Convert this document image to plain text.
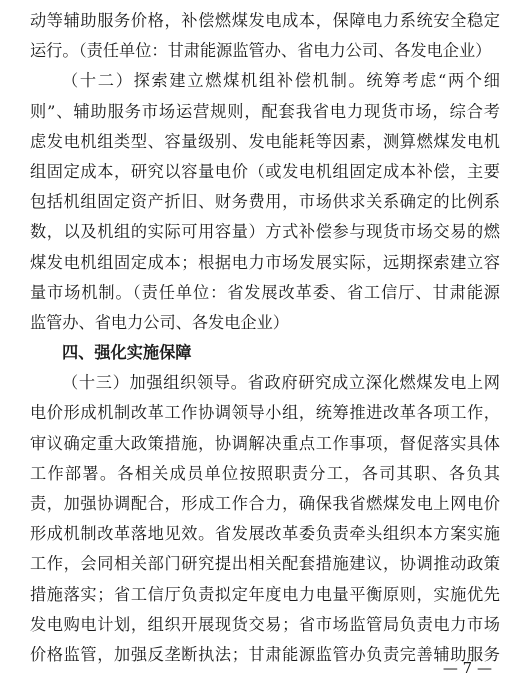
动等辅助服务价格，补偿燃煤发电成本，保障电力系统安全稳定
运行。（责任单位：甘肃能源监管办、省电力公司、各发电企业）
（十二）探索建立燃煤机组补偿机制。统筹考虑“两个细
则”、辅助服务市场运营规则，配套我省电力现货市场，综合考
虑发电机组类型、容量级别、发电能耗等因素，测算燃煤发电机
组固定成本，研究以容量电价（或发电机组固定成本补偿，主要
包括机组固定资产折旧、财务费用，市场供求关系确定的比例系
数，以及机组的实际可用容量）方式补偿参与现货市场交易的燃
煤发电机组固定成本；根据电力市场发展实际，远期探索建立容
量市场机制。（责任单位：省发展改革委、省工信厅、甘肃能源
监管办、省电力公司、各发电企业）
四、强化实施保障
（十三）加强组织领导。省政府研究成立深化燃煤发电上网
电价形成机制改革工作协调领导小组，统筹推进改革各项工作，
审议确定重大政策措施，协调解决重点工作事项，督促落实具体
工作部署。各相关成员单位按照职责分工，各司其职、各负其
责，加强协调配合，形成工作合力，确保我省燃煤发电上网电价
形成机制改革落地见效。省发展改革委负责牵头组织本方案实施
工作，会同相关部门研究提出相关配套措施建议，协调推动政策
措施落实；省工信厅负责拟定年度电力电量平衡原则，实施优先
发电购电计划，组织开展现货交易；省市场监管局负责电力市场
价格监管，加强反垄断执法；甘肃能源监管办负责完善辅助服务
— 7 —
